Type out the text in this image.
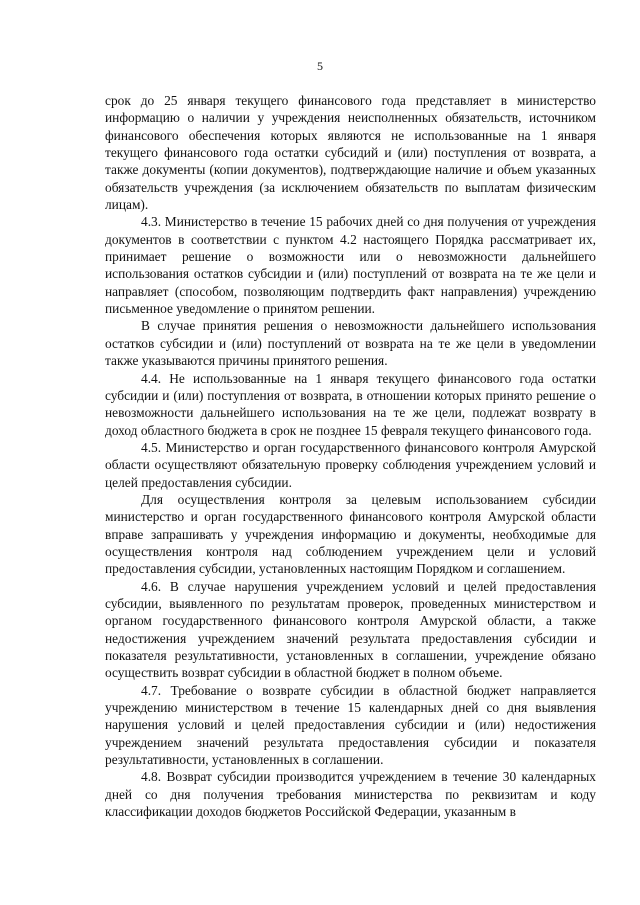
5

срок до 25 января текущего финансового года представляет в министерство информацию о наличии у учреждения неисполненных обязательств, источником финансового обеспечения которых являются не использованные на 1 января текущего финансового года остатки субсидий и (или) поступления от возврата, а также документы (копии документов), подтверждающие наличие и объем указанных обязательств учреждения (за исключением обязательств по выплатам физическим лицам).

4.3. Министерство в течение 15 рабочих дней со дня получения от учреждения документов в соответствии с пунктом 4.2 настоящего Порядка рассматривает их, принимает решение о возможности или о невозможности дальнейшего использования остатков субсидии и (или) поступлений от возврата на те же цели и направляет (способом, позволяющим подтвердить факт направления) учреждению письменное уведомление о принятом решении.

В случае принятия решения о невозможности дальнейшего использования остатков субсидии и (или) поступлений от возврата на те же цели в уведомлении также указываются причины принятого решения.

4.4. Не использованные на 1 января текущего финансового года остатки субсидии и (или) поступления от возврата, в отношении которых принято решение о невозможности дальнейшего использования на те же цели, подлежат возврату в доход областного бюджета в срок не позднее 15 февраля текущего финансового года.

4.5. Министерство и орган государственного финансового контроля Амурской области осуществляют обязательную проверку соблюдения учреждением условий и целей предоставления субсидии.

Для осуществления контроля за целевым использованием субсидии министерство и орган государственного финансового контроля Амурской области вправе запрашивать у учреждения информацию и документы, необходимые для осуществления контроля над соблюдением учреждением цели и условий предоставления субсидии, установленных настоящим Порядком и соглашением.

4.6. В случае нарушения учреждением условий и целей предоставления субсидии, выявленного по результатам проверок, проведенных министерством и органом государственного финансового контроля Амурской области, а также недостижения учреждением значений результата предоставления субсидии и показателя результативности, установленных в соглашении, учреждение обязано осуществить возврат субсидии в областной бюджет в полном объеме.

4.7. Требование о возврате субсидии в областной бюджет направляется учреждению министерством в течение 15 календарных дней со дня выявления нарушения условий и целей предоставления субсидии и (или) недостижения учреждением значений результата предоставления субсидии и показателя результативности, установленных в соглашении.

4.8. Возврат субсидии производится учреждением в течение 30 календарных дней со дня получения требования министерства по реквизитам и коду классификации доходов бюджетов Российской Федерации, указанным в
